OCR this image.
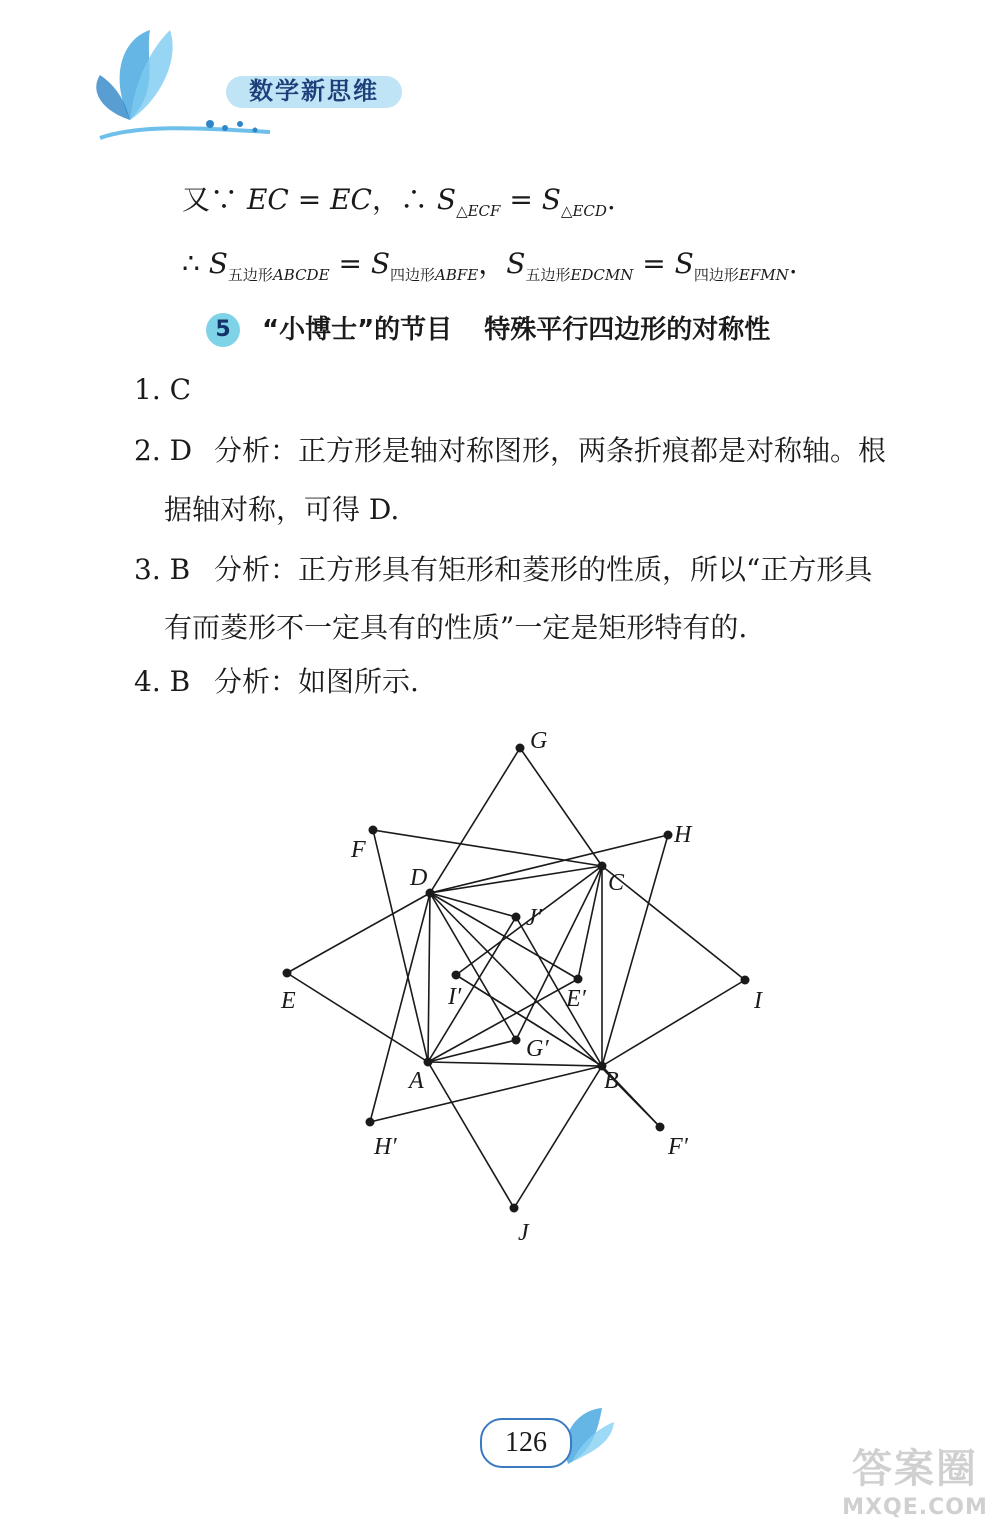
数学新思维
又∵ EC = EC，∴ $S_{\triangle ECF} = S_{\triangle ECD}$.
∴ $S_{五边形ABCDE} = S_{四边形ABFE}$，$S_{五边形EDCMN} = S_{四边形EFMN}$.
5 “小博士”的节目 特殊平行四边形的对称性
1. C
2. D 分析：正方形是轴对称图形，两条折痕都是对称轴。根
据轴对称，可得 D.
3. B 分析：正方形具有矩形和菱形的性质，所以“正方形具
有而菱形不一定具有的性质”一定是矩形特有的.
4. B 分析：如图所示.
G
F
H
D	C
J′
E	I′	E′	I
G′
A	B
H′	F′
J
126
答案圈
MXQE.COM
